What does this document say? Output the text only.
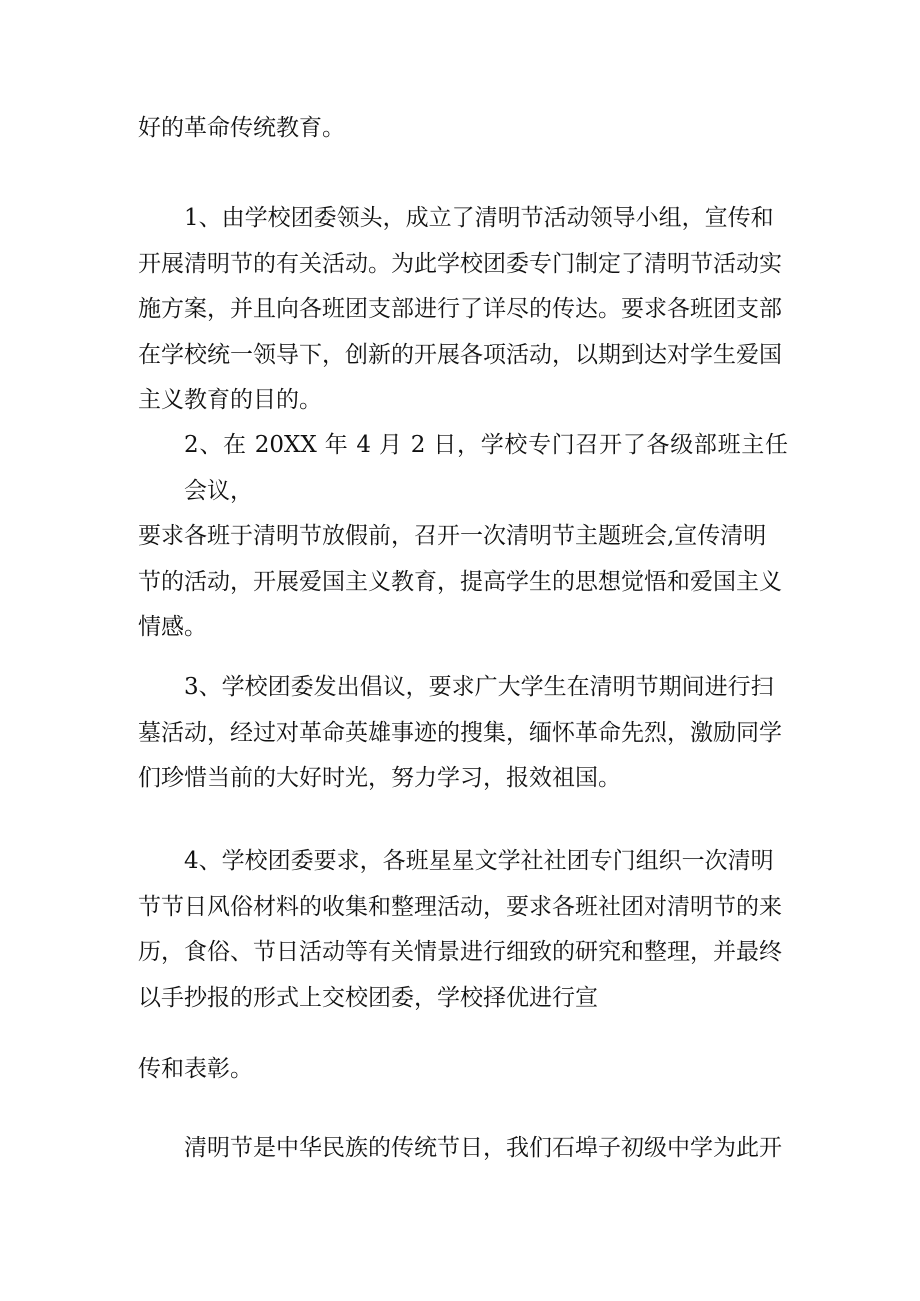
好的革命传统教育。

1、由学校团委领头，成立了清明节活动领导小组，宣传和
开展清明节的有关活动。为此学校团委专门制定了清明节活动实
施方案，并且向各班团支部进行了详尽的传达。要求各班团支部
在学校统一领导下，创新的开展各项活动，以期到达对学生爱国
主义教育的目的。

2、在 20XX 年 4 月 2 日，学校专门召开了各级部班主任会议，
要求各班于清明节放假前，召开一次清明节主题班会,宣传清明
节的活动，开展爱国主义教育，提高学生的思想觉悟和爱国主义
情感。

3、学校团委发出倡议，要求广大学生在清明节期间进行扫
墓活动，经过对革命英雄事迹的搜集，缅怀革命先烈，激励同学
们珍惜当前的大好时光，努力学习，报效祖国。

4、学校团委要求，各班星星文学社社团专门组织一次清明
节节日风俗材料的收集和整理活动，要求各班社团对清明节的来
历，食俗、节日活动等有关情景进行细致的研究和整理，并最终
以手抄报的形式上交校团委，学校择优进行宣

传和表彰。

清明节是中华民族的传统节日，我们石埠子初级中学为此开
